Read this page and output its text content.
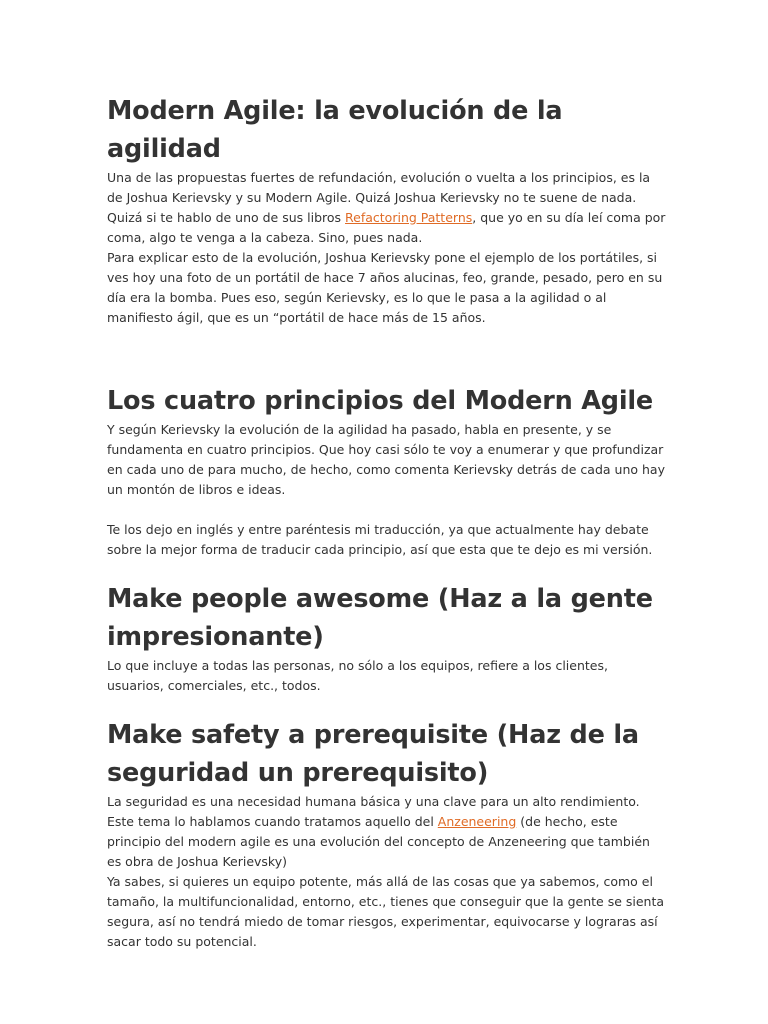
Modern Agile: la evolución de la agilidad

Una de las propuestas fuertes de refundación, evolución o vuelta a los principios, es la de Joshua Kerievsky y su Modern Agile. Quizá Joshua Kerievsky no te suene de nada. Quizá si te hablo de uno de sus libros Refactoring Patterns, que yo en su día leí coma por coma, algo te venga a la cabeza. Sino, pues nada.

Para explicar esto de la evolución, Joshua Kerievsky pone el ejemplo de los portátiles, si ves hoy una foto de un portátil de hace 7 años alucinas, feo, grande, pesado, pero en su día era la bomba. Pues eso, según Kerievsky, es lo que le pasa a la agilidad o al manifiesto ágil, que es un “portátil de hace más de 15 años.

Los cuatro principios del Modern Agile

Y según Kerievsky la evolución de la agilidad ha pasado, habla en presente, y se fundamenta en cuatro principios. Que hoy casi sólo te voy a enumerar y que profundizar en cada uno de para mucho, de hecho, como comenta Kerievsky detrás de cada uno hay un montón de libros e ideas.

Te los dejo en inglés y entre paréntesis mi traducción, ya que actualmente hay debate sobre la mejor forma de traducir cada principio, así que esta que te dejo es mi versión.

Make people awesome (Haz a la gente impresionante)

Lo que incluye a todas las personas, no sólo a los equipos, refiere a los clientes, usuarios, comerciales, etc., todos.

Make safety a prerequisite (Haz de la seguridad un prerequisito)

La seguridad es una necesidad humana básica y una clave para un alto rendimiento. Este tema lo hablamos cuando tratamos aquello del Anzeneering (de hecho, este principio del modern agile es una evolución del concepto de Anzeneering que también es obra de Joshua Kerievsky)

Ya sabes, si quieres un equipo potente, más allá de las cosas que ya sabemos, como el tamaño, la multifuncionalidad, entorno, etc., tienes que conseguir que la gente se sienta segura, así no tendrá miedo de tomar riesgos, experimentar, equivocarse y lograras así sacar todo su potencial.
